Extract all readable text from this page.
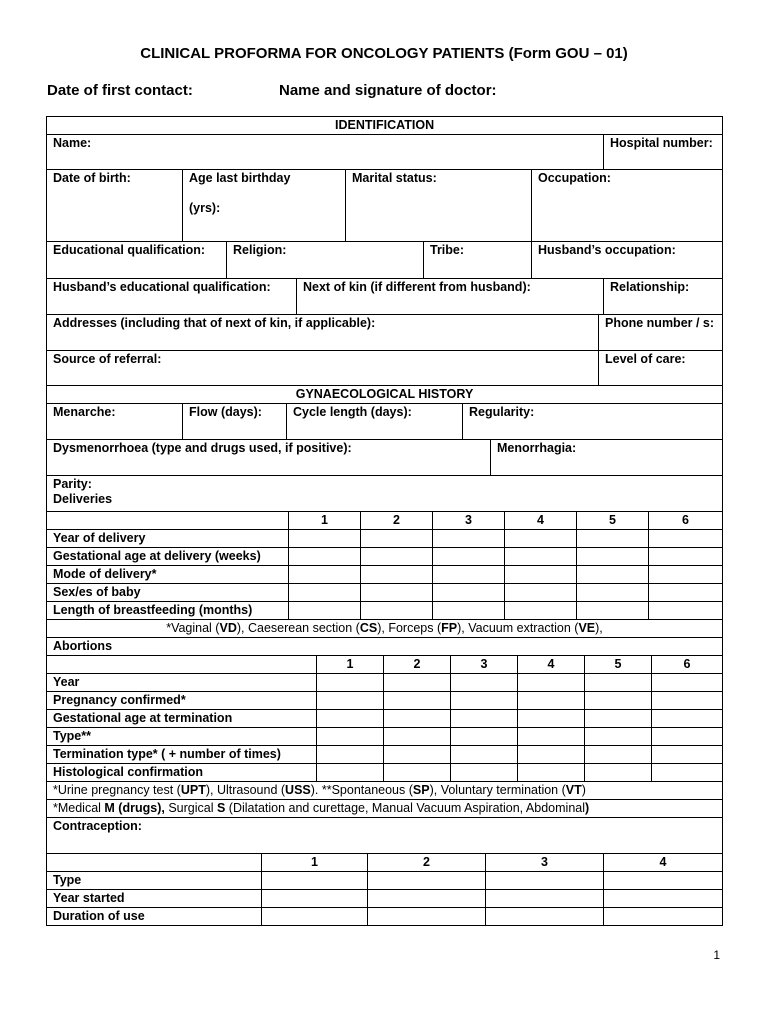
CLINICAL PROFORMA FOR ONCOLOGY PATIENTS (Form GOU – 01)
Date of first contact:	Name and signature of doctor:
IDENTIFICATION								
Name:								Hospital number:
Date of birth:	Age last birthday

(yrs):			Marital status:		Occupation:		
Educational qualification:		Religion:			Tribe:	Husband’s occupation:		
Husband’s educational qualification:			Next of kin (if different from husband):					Relationship:
Addresses (including that of next of kin, if applicable):							Phone number / s:	
Source of referral:							Level of care:	
GYNAECOLOGICAL HISTORY				
Menarche:	Flow (days):	Cycle length (days):	Regularity:	
Dysmenorrhoea (type and drugs used, if positive):				Menorrhagia:
Parity:
Deliveries				
	1	2	3	4	5	6
Year of delivery						
Gestational age at delivery (weeks)						
Mode of delivery*						
Sex/es of baby						
Length of breastfeeding (months)						
*Vaginal (VD), Caeserean section (CS), Forceps (FP), Vacuum extraction (VE),						
Abortions						
	1	2	3	4	5	6
Year						
Pregnancy confirmed*						
Gestational age at termination						
Type**						
Termination type* ( + number of times)						
Histological confirmation						
*Urine pregnancy test (UPT), Ultrasound (USS). **Spontaneous (SP), Voluntary termination (VT)						
*Medical M (drugs), Surgical S (Dilatation and curettage, Manual Vacuum Aspiration, Abdominal)						
Contraception:						
	1	2	3	4
Type				
Year started				
Duration of use				
1
